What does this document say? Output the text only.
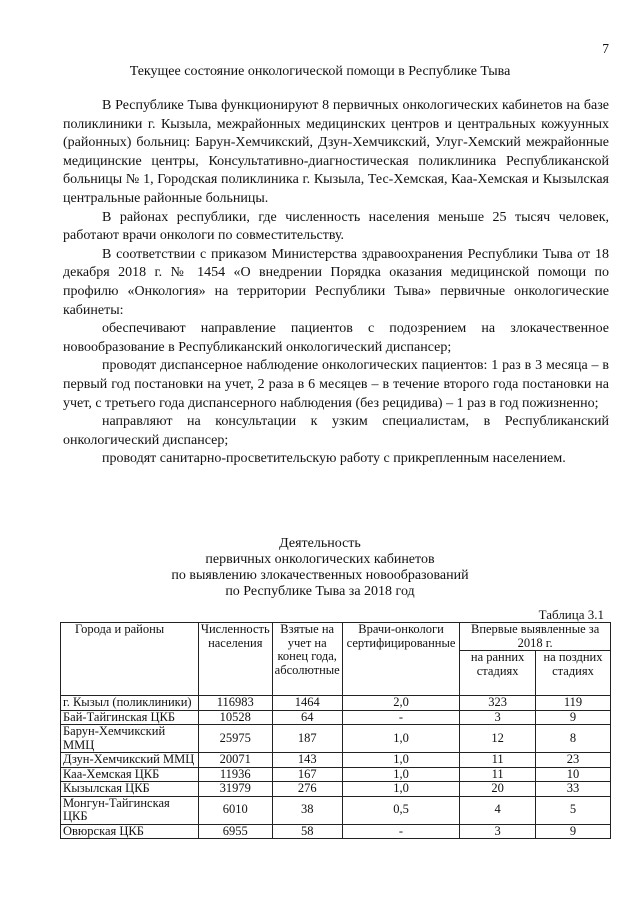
7
Текущее состояние онкологической помощи в Республике Тыва

В Республике Тыва функционируют 8 первичных онкологических кабинетов на базе поликлиники г. Кызыла, межрайонных медицинских центров и центральных кожуунных (районных) больниц: Барун-Хемчикский, Дзун-Хемчикский, Улуг-Хемский межрайонные медицинские центры, Консультативно-диагностическая поликлиника Республиканской больницы № 1, Городская поликлиника г. Кызыла, Тес-Хемская, Каа-Хемская и Кызылская центральные районные больницы.

В районах республики, где численность населения меньше 25 тысяч человек, работают врачи онкологи по совместительству.

В соответствии с приказом Министерства здравоохранения Республики Тыва от 18 декабря 2018 г. № 1454 «О внедрении Порядка оказания медицинской помощи по профилю «Онкология» на территории Республики Тыва» первичные онкологические кабинеты:

обеспечивают направление пациентов с подозрением на злокачественное новообразование в Республиканский онкологический диспансер;

проводят диспансерное наблюдение онкологических пациентов: 1 раз в 3 месяца – в первый год постановки на учет, 2 раза в 6 месяцев – в течение второго года постановки на учет, с третьего года диспансерного наблюдения (без рецидива) – 1 раз в год пожизненно;

направляют на консультации к узким специалистам, в Республиканский онкологический диспансер;

проводят санитарно-просветительскую работу с прикрепленным населением.

Деятельность
первичных онкологических кабинетов
по выявлению злокачественных новообразований
по Республике Тыва за 2018 год
Таблица 3.1
Города и районы	Численность населения	Взятые на учет на конец года, абсолютные	Врачи-онкологи сертифицированные	Впервые выявленные за 2018 г.	
				на ранних стадиях	на поздних стадиях
г. Кызыл (поликлиники)	116983	1464	2,0	323	119
Бай-Тайгинская ЦКБ	10528	64	-	3	9
Барун-Хемчикский ММЦ	25975	187	1,0	12	8
Дзун-Хемчикский ММЦ	20071	143	1,0	11	23
Каа-Хемская ЦКБ	11936	167	1,0	11	10
Кызылская ЦКБ	31979	276	1,0	20	33
Монгун-Тайгинская ЦКБ	6010	38	0,5	4	5
Овюрская ЦКБ	6955	58	-	3	9
